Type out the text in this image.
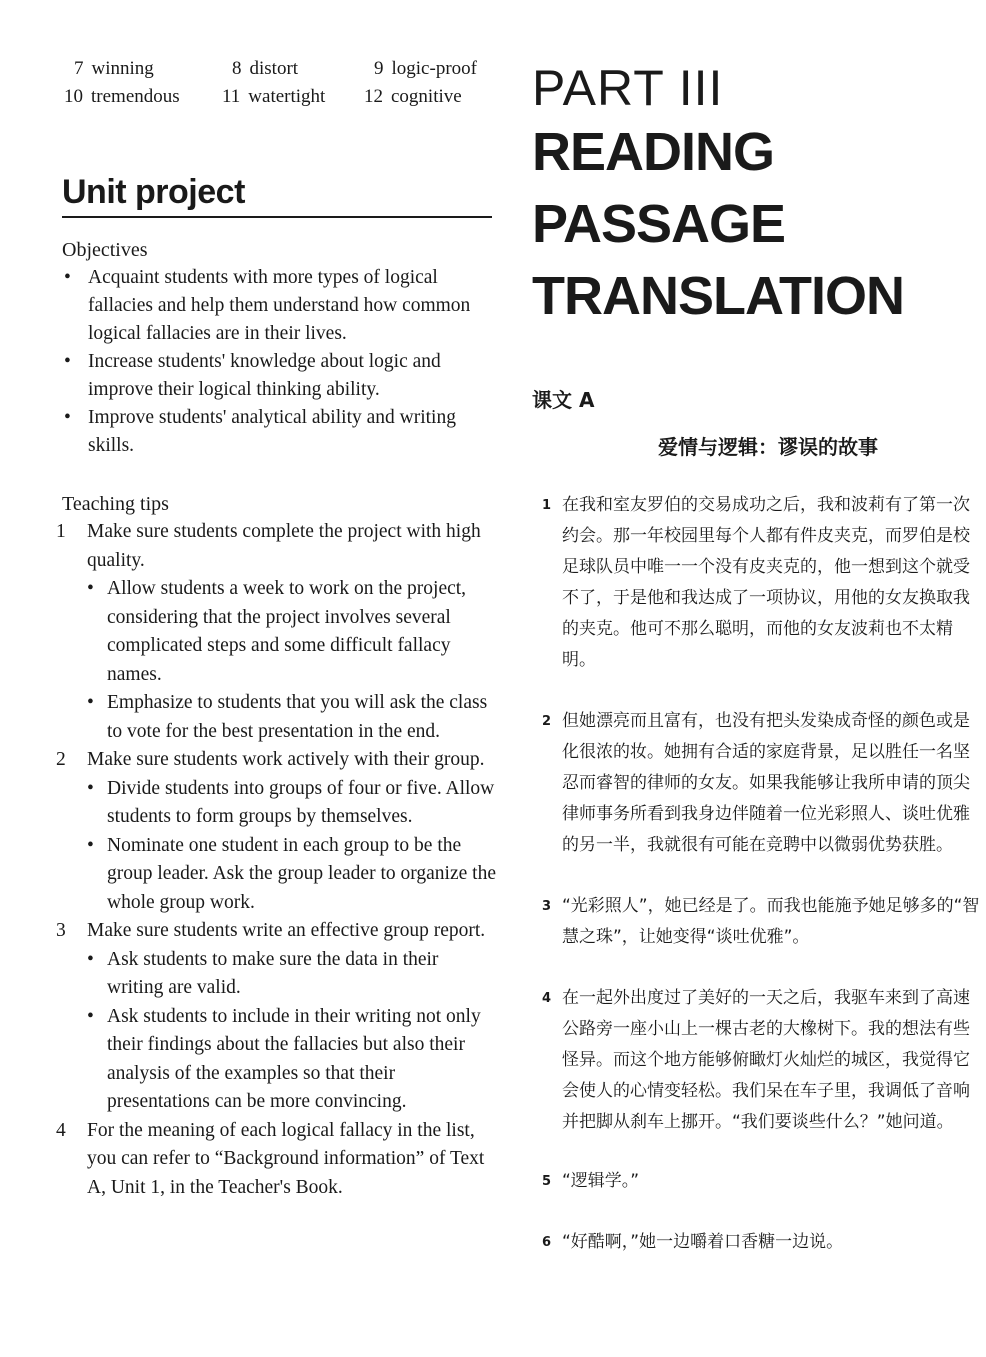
7 winning	8 distort	9 logic-proof
10 tremendous 11 watertight 12 cognitive
Unit project
Objectives
• Acquaint students with more types of logical fallacies and help them understand how common logical fallacies are in their lives.
• Increase students' knowledge about logic and improve their logical thinking ability.
• Improve students' analytical ability and writing skills.
Teaching tips
1 Make sure students complete the project with high quality.
• Allow students a week to work on the project, considering that the project involves several complicated steps and some difficult fallacy names.
• Emphasize to students that you will ask the class to vote for the best presentation in the end.
2 Make sure students work actively with their group.
• Divide students into groups of four or five. Allow students to form groups by themselves.
• Nominate one student in each group to be the group leader. Ask the group leader to organize the whole group work.
3 Make sure students write an effective group report.
• Ask students to make sure the data in their writing are valid.
• Ask students to include in their writing not only their findings about the fallacies but also their analysis of the examples so that their presentations can be more convincing.
4 For the meaning of each logical fallacy in the list, you can refer to “Background information” of Text A, Unit 1, in the Teacher's Book.
PART III
READING
PASSAGE
TRANSLATION
课文 A
爱情与逻辑：谬误的故事
1 在我和室友罗伯的交易成功之后，我和波莉有了第一次约会。那一年校园里每个人都有件皮夹克，而罗伯是校足球队员中唯一一个没有皮夹克的，他一想到这个就受不了，于是他和我达成了一项协议，用他的女友换取我的夹克。他可不那么聪明，而他的女友波莉也不太精明。
2 但她漂亮而且富有，也没有把头发染成奇怪的颜色或是化很浓的妆。她拥有合适的家庭背景，足以胜任一名坚忍而睿智的律师的女友。如果我能够让我所申请的顶尖律师事务所看到我身边伴随着一位光彩照人、谈吐优雅的另一半，我就很有可能在竞聘中以微弱优势获胜。
3 “光彩照人”，她已经是了。而我也能施予她足够多的“智慧之珠”，让她变得“谈吐优雅”。
4 在一起外出度过了美好的一天之后，我驱车来到了高速公路旁一座小山上一棵古老的大橡树下。我的想法有些怪异。而这个地方能够俯瞰灯火灿烂的城区，我觉得它会使人的心情变轻松。我们呆在车子里，我调低了音响并把脚从刹车上挪开。“我们要谈些什么？”她问道。
5 “逻辑学。”
6 “好酷啊，”她一边嚼着口香糖一边说。
